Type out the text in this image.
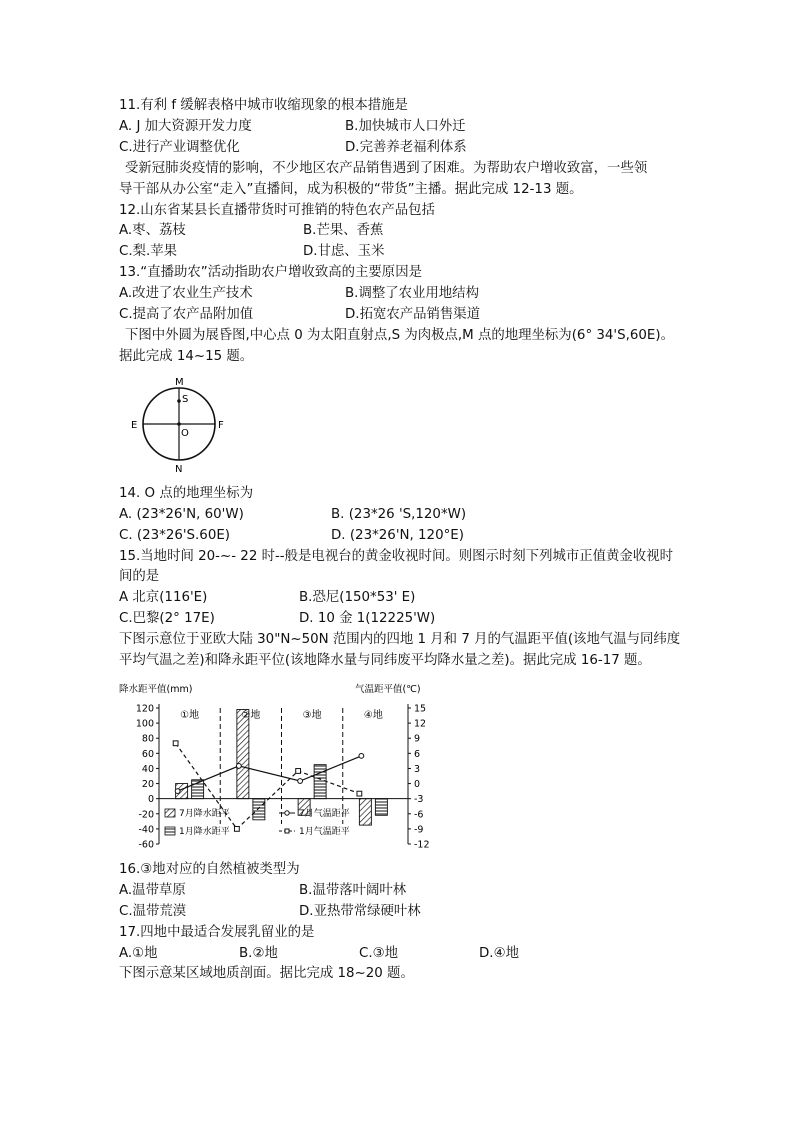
11.有利 f 缓解表格中城市收缩现象的根本措施是
A. J 加大资源开发力度	B.加快城市人口外迁
C.进行产业调整优化	D.完善养老福利体系
受新冠肺炎疫情的影响，不少地区农产品销售遇到了困难。为帮助农户增收致富，一些领
导干部从办公室“走入”直播间，成为积极的“带货”主播。据此完成 12-13 题。
12.山东省某县长直播带货时可推销的特色农产品包括
A.枣、荔枝	B.芒果、香蕉
C.梨.苹果	D.甘虑、玉米
13.“直播助农”活动指助农户增收致高的主要原因是
A.改进了农业生产技术	B.调整了农业用地结构
C.提高了农产品附加值	D.拓宽农产品销售渠道
下图中外圆为展昏图,中心点 0 为太阳直射点,S 为肉极点,M 点的地理坐标为(6° 34'S,60E)。
据此完成 14~15 题。
M
S
E
O
F
N
14. O 点的地理坐标为
A. (23*26'N, 60'W)	B. (23*26 'S,120*W)
C. (23*26'S.60E)	D. (23*26'N, 120°E)
15.当地时间 20-~- 22 时--般是电视台的黄金收视时间。则图示时刻下列城市正值黄金收视时
间的是
A 北京(116'E)	B.恐尼(150*53' E)
C.巴黎(2° 17E)	D. 10 金 1(12225'W)
下图示意位于亚欧大陆 30"N~50N 范围内的四地 1 月和 7 月的气温距平值(该地气温与同纬度
平均气温之差)和降永距平位(该地降水量与同纬废平均降水量之差)。据此完成 16-17 题。
降水距平值(mm)	气温距平值(℃)
120
100
80
60
40
20
0
-20
-40
-60
15
12
9
6
3
0
-3
-6
-9
-12
①地	②地	③地	④地
7月降水距平
1月降水距平
7月气温距平
1月气温距平
16.③地对应的自然植被类型为
A.温带草原	B.温带落叶阔叶林
C.温带荒漠	D.亚热带常绿硬叶林
17.四地中最适合发展乳留业的是
A.①地	B.②地	C.③地	D.④地
下图示意某区域地质剖面。据比完成 18~20 题。
